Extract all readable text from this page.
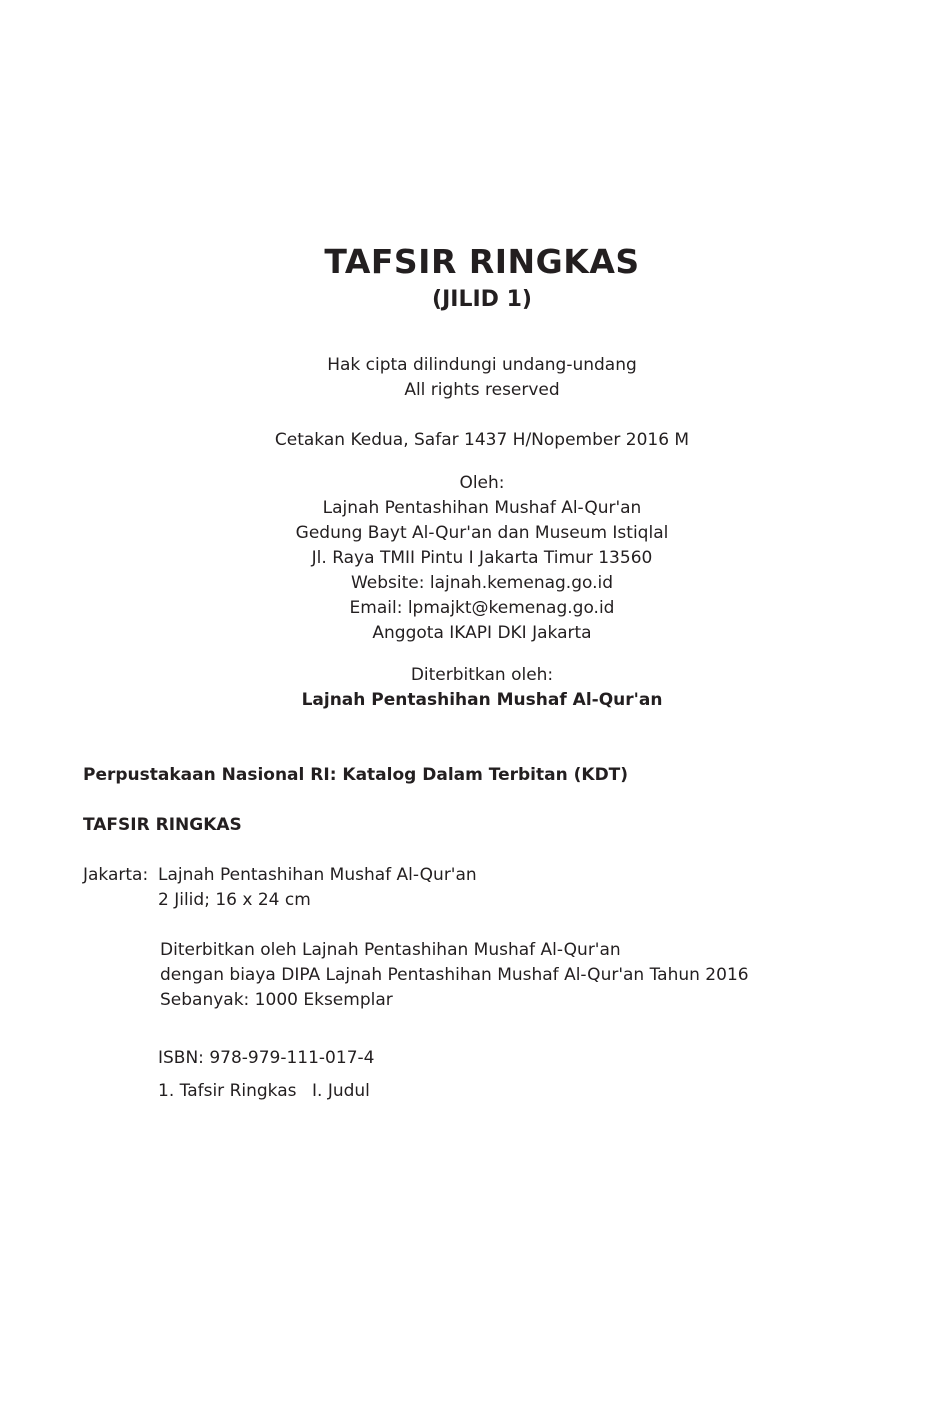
TAFSIR RINGKAS
(JILID 1)
Hak cipta dilindungi undang-undang
All rights reserved
Cetakan Kedua, Safar 1437 H/Nopember 2016 M
Oleh:
Lajnah Pentashihan Mushaf Al-Qur'an
Gedung Bayt Al-Qur'an dan Museum Istiqlal
Jl. Raya TMII Pintu I Jakarta Timur 13560
Website: lajnah.kemenag.go.id
Email: lpmajkt@kemenag.go.id
Anggota IKAPI DKI Jakarta
Diterbitkan oleh:
Lajnah Pentashihan Mushaf Al-Qur'an
Perpustakaan Nasional RI: Katalog Dalam Terbitan (KDT)
TAFSIR RINGKAS
Jakarta: Lajnah Pentashihan Mushaf Al-Qur'an
2 Jilid; 16 x 24 cm
Diterbitkan oleh Lajnah Pentashihan Mushaf Al-Qur'an
dengan biaya DIPA Lajnah Pentashihan Mushaf Al-Qur'an Tahun 2016
Sebanyak: 1000 Eksemplar
ISBN: 978-979-111-017-4
1. Tafsir Ringkas I. Judul
